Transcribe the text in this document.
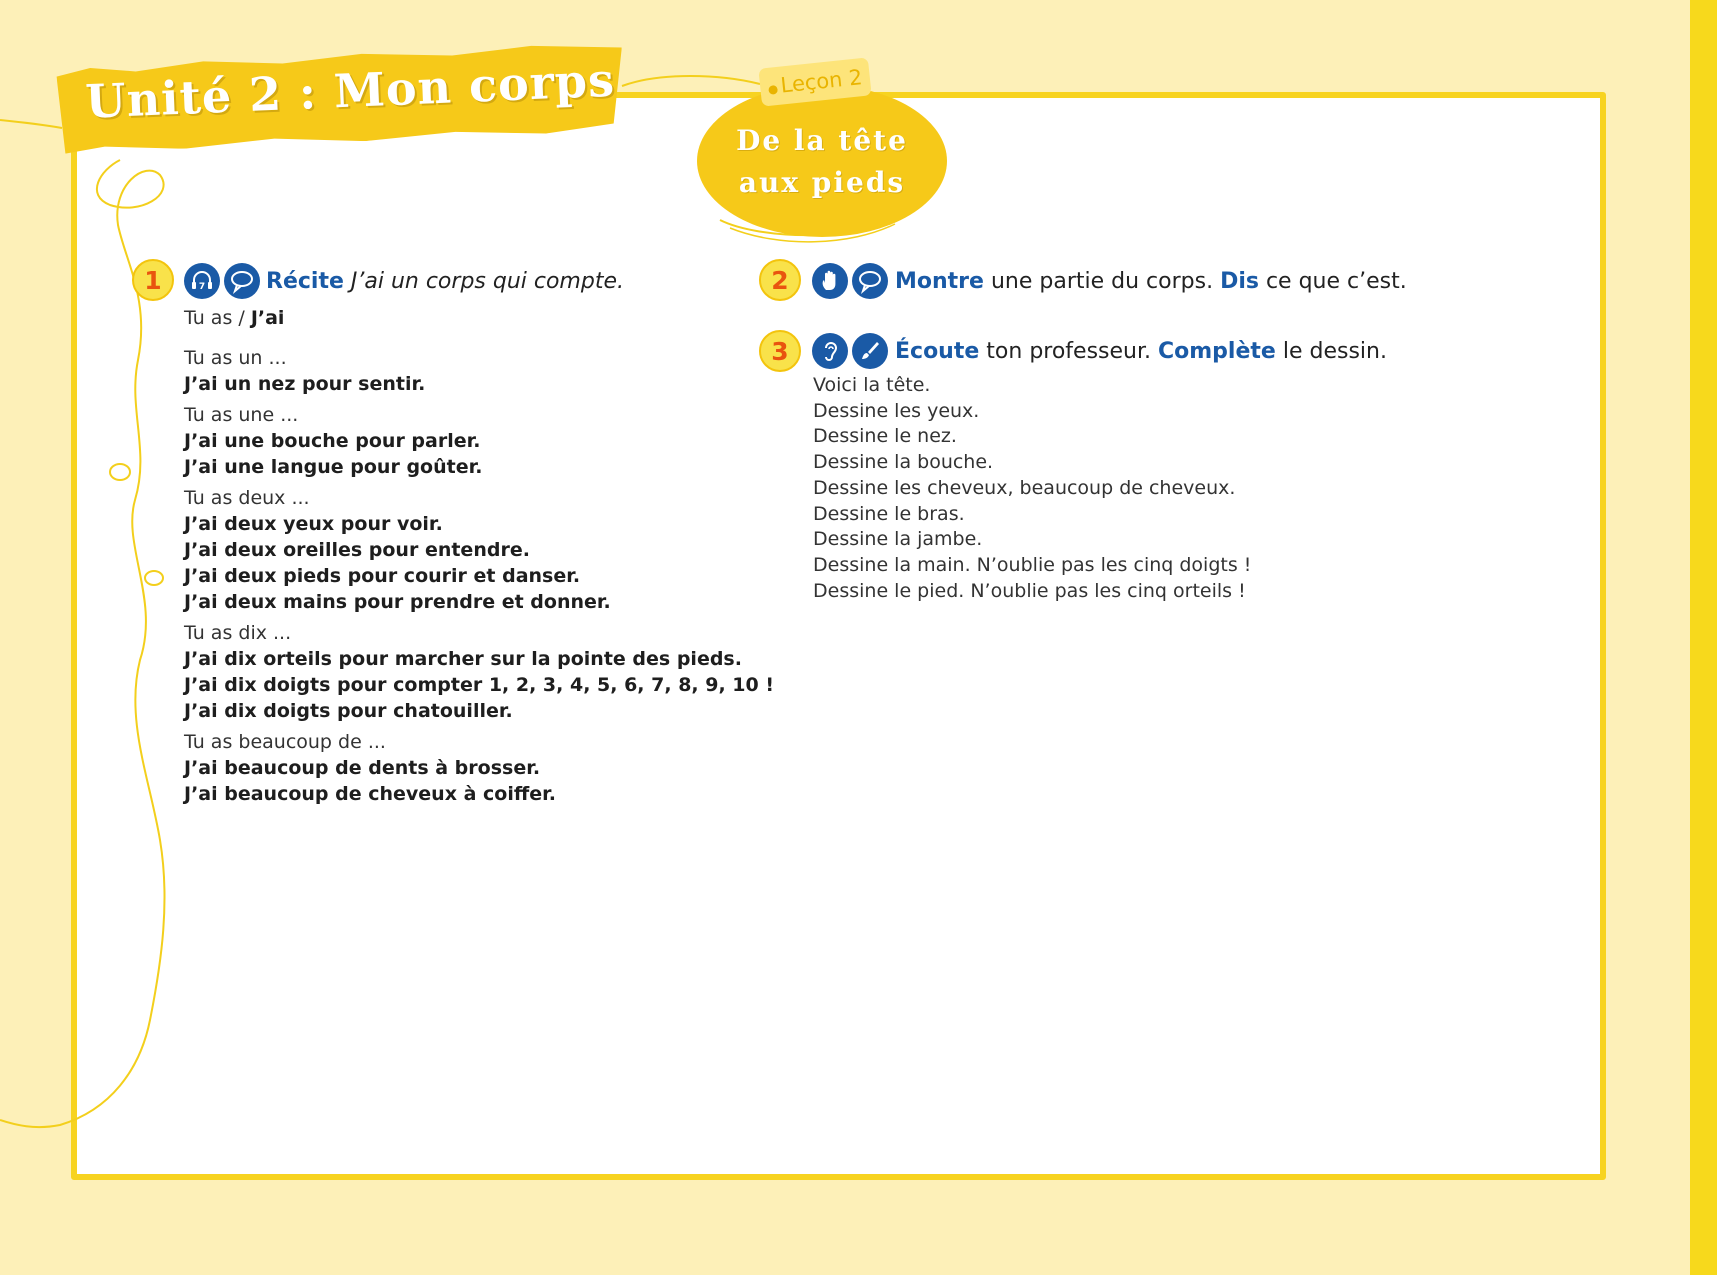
Unité 2 : Mon corps	Leçon 2
De la tête
aux pieds
1	7	Récite J’ai un corps qui compte.
Tu as / J’ai
Tu as un ...
J’ai un nez pour sentir.
Tu as une ...
J’ai une bouche pour parler.
J’ai une langue pour goûter.
Tu as deux ...
J’ai deux yeux pour voir.
J’ai deux oreilles pour entendre.
J’ai deux pieds pour courir et danser.
J’ai deux mains pour prendre et donner.
Tu as dix ...
J’ai dix orteils pour marcher sur la pointe des pieds.
J’ai dix doigts pour compter 1, 2, 3, 4, 5, 6, 7, 8, 9, 10 !
J’ai dix doigts pour chatouiller.
Tu as beaucoup de ...
J’ai beaucoup de dents à brosser.
J’ai beaucoup de cheveux à coiffer.
2	Montre une partie du corps. Dis ce que c’est.
3	Écoute ton professeur. Complète le dessin.
Voici la tête.
Dessine les yeux.
Dessine le nez.
Dessine la bouche.
Dessine les cheveux, beaucoup de cheveux.
Dessine le bras.
Dessine la jambe.
Dessine la main. N’oublie pas les cinq doigts !
Dessine le pied. N’oublie pas les cinq orteils !
